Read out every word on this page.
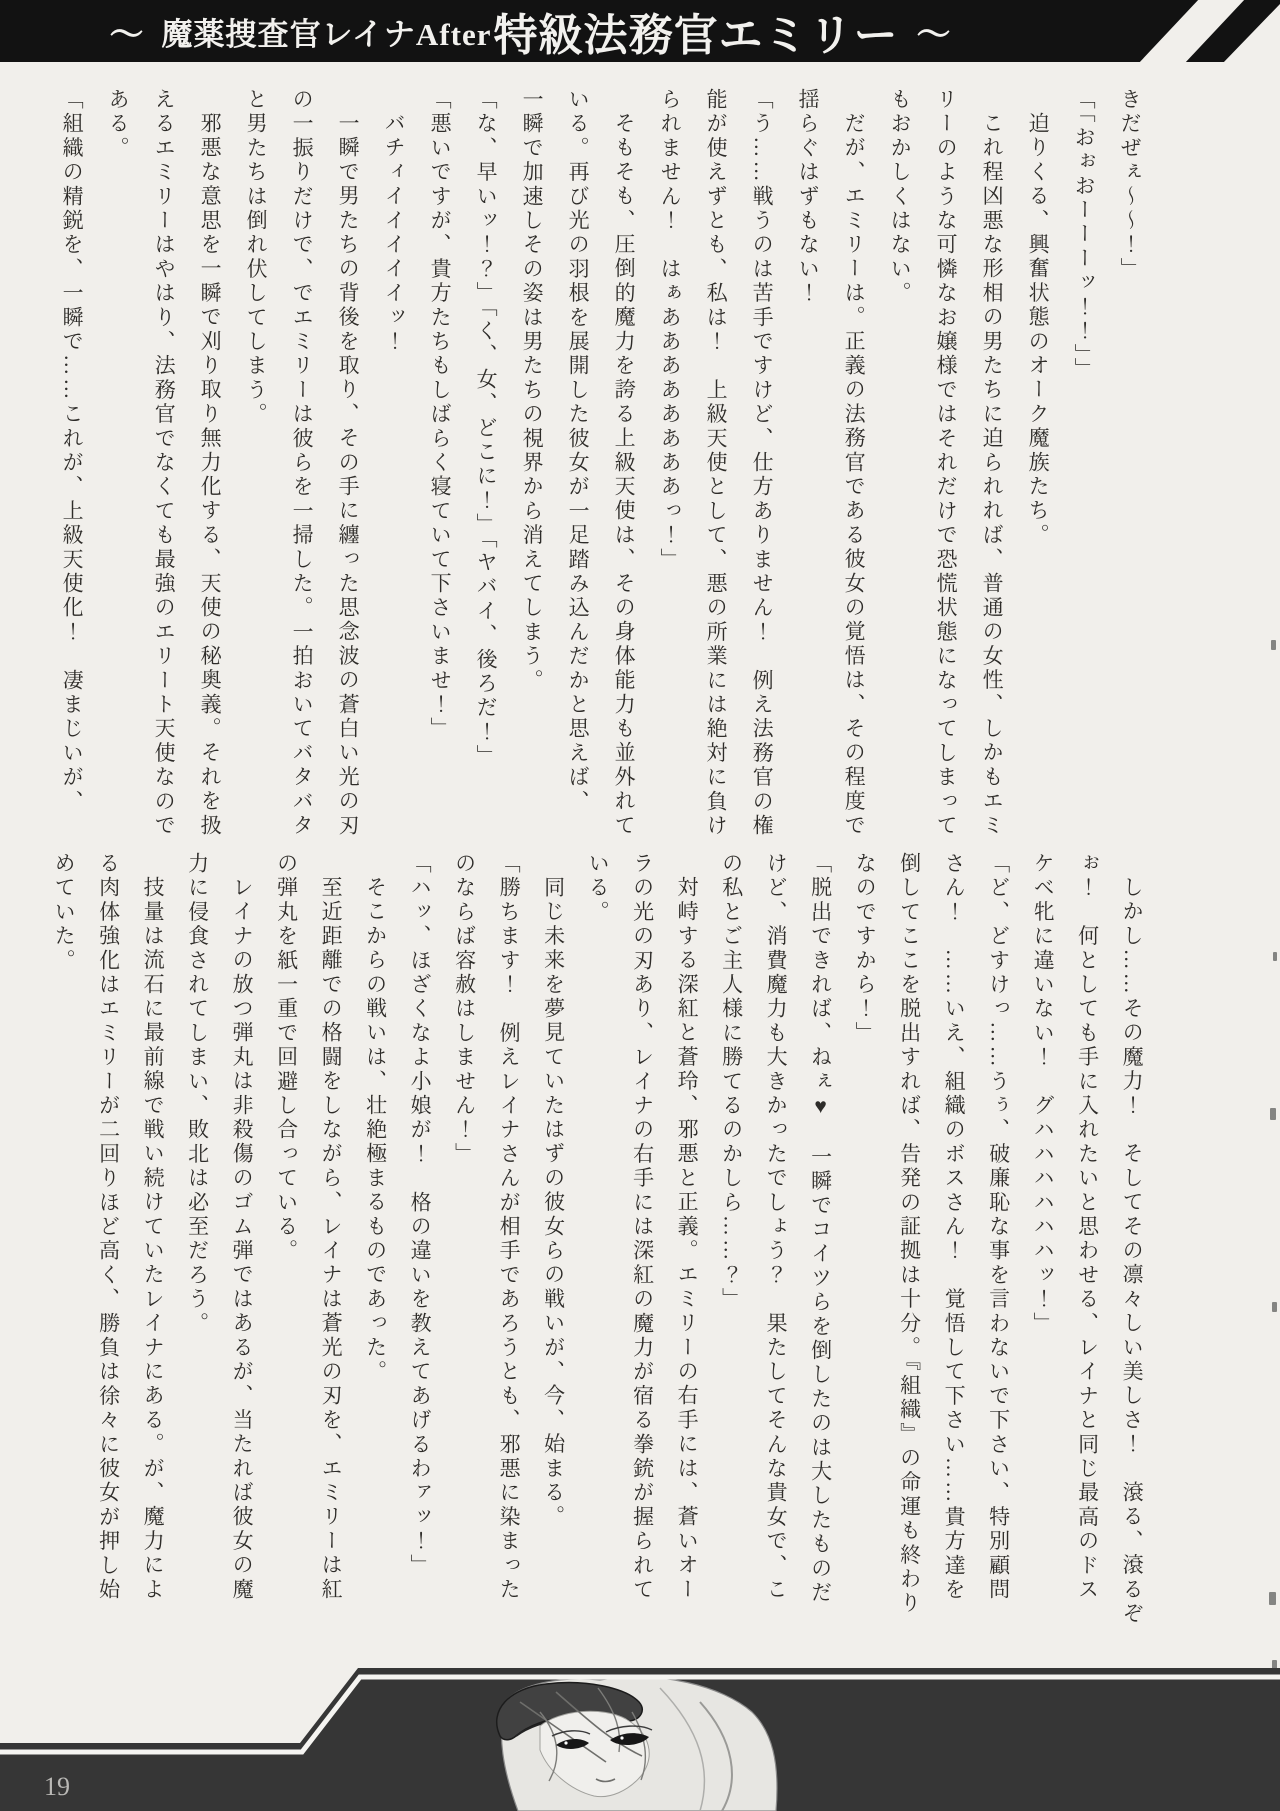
～ 魔薬捜査官レイナAfter 特級法務官エミリー ～
きだぜぇ～～！」
「「おぉおーーーッ！！」」
迫りくる、興奮状態のオーク魔族たち。
これ程凶悪な形相の男たちに迫られれば、普通の女性、しかもエミ
リーのような可憐なお嬢様ではそれだけで恐慌状態になってしまって
もおかしくはない。
だが、エミリーは。正義の法務官である彼女の覚悟は、その程度で
揺らぐはずもない！
「う……戦うのは苦手ですけど、仕方ありません！　例え法務官の権
能が使えずとも、私は！　上級天使として、悪の所業には絶対に負け
られません！　はぁああああああああっ！」
そもそも、圧倒的魔力を誇る上級天使は、その身体能力も並外れて
いる。再び光の羽根を展開した彼女が一足踏み込んだかと思えば、
一瞬で加速しその姿は男たちの視界から消えてしまう。
「な、早いッ！？」「く、女、どこに！」「ヤバイ、後ろだ！」
「悪いですが、貴方たちもしばらく寝ていて下さいませ！」
バチィイイイイイッ！
一瞬で男たちの背後を取り、その手に纏った思念波の蒼白い光の刃
の一振りだけで、でエミリーは彼らを一掃した。一拍おいてバタバタ
と男たちは倒れ伏してしまう。
邪悪な意思を一瞬で刈り取り無力化する、天使の秘奥義。それを扱
えるエミリーはやはり、法務官でなくても最強のエリート天使なので
ある。
「組織の精鋭を、一瞬で……これが、上級天使化！　凄まじいが、
しかし……その魔力！　そしてその凛々しい美しさ！　滾る、滾るぞ
ぉ！　何としても手に入れたいと思わせる、レイナと同じ最高のドス
ケベ牝に違いない！　グハハハハハハッ！」
「ど、どすけっ……うぅ、破廉恥な事を言わないで下さい、特別顧問
さん！　……いえ、組織のボスさん！　覚悟して下さい……貴方達を
倒してここを脱出すれば、告発の証拠は十分。『組織』の命運も終わり
なのですから！」
「脱出できれば、ねぇ♥　一瞬でコイツらを倒したのは大したものだ
けど、消費魔力も大きかったでしょう？　果たしてそんな貴女で、こ
の私とご主人様に勝てるのかしら……？」
対峙する深紅と蒼玲、邪悪と正義。エミリーの右手には、蒼いオー
ラの光の刃あり、レイナの右手には深紅の魔力が宿る拳銃が握られて
いる。
同じ未来を夢見ていたはずの彼女らの戦いが、今、始まる。
「勝ちます！　例えレイナさんが相手であろうとも、邪悪に染まった
のならば容赦はしません！」
「ハッ、ほざくなよ小娘が！　格の違いを教えてあげるわァッ！」
そこからの戦いは、壮絶極まるものであった。
至近距離での格闘をしながら、レイナは蒼光の刃を、エミリーは紅
の弾丸を紙一重で回避し合っている。
レイナの放つ弾丸は非殺傷のゴム弾ではあるが、当たれば彼女の魔
力に侵食されてしまい、敗北は必至だろう。
技量は流石に最前線で戦い続けていたレイナにある。が、魔力によ
る肉体強化はエミリーが二回りほど高く、勝負は徐々に彼女が押し始
めていた。
19
